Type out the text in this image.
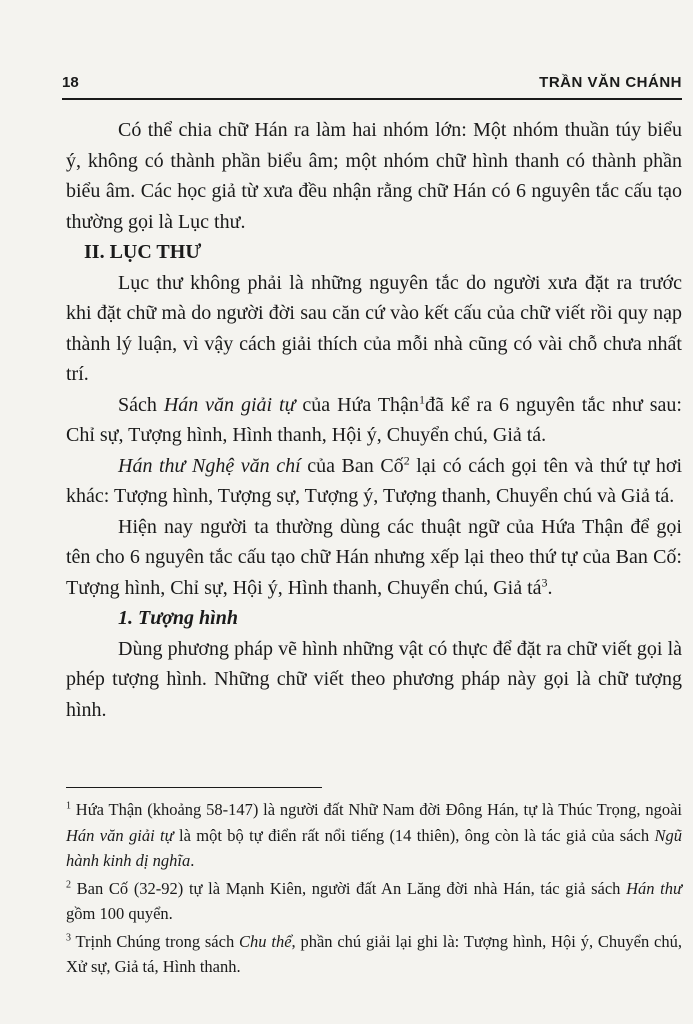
18	TRẦN VĂN CHÁNH

Có thể chia chữ Hán ra làm hai nhóm lớn: Một nhóm thuần túy biểu ý, không có thành phần biểu âm; một nhóm chữ hình thanh có thành phần biểu âm. Các học giả từ xưa đều nhận rằng chữ Hán có 6 nguyên tắc cấu tạo thường gọi là Lục thư.

II. LỤC THƯ

Lục thư không phải là những nguyên tắc do người xưa đặt ra trước khi đặt chữ mà do người đời sau căn cứ vào kết cấu của chữ viết rồi quy nạp thành lý luận, vì vậy cách giải thích của mỗi nhà cũng có vài chỗ chưa nhất trí.

Sách Hán văn giải tự của Hứa Thận$^1$đã kể ra 6 nguyên tắc như sau: Chỉ sự, Tượng hình, Hình thanh, Hội ý, Chuyển chú, Giả tá.

Hán thư Nghệ văn chí của Ban Cố$^2$ lại có cách gọi tên và thứ tự hơi khác: Tượng hình, Tượng sự, Tượng ý, Tượng thanh, Chuyển chú và Giả tá.

Hiện nay người ta thường dùng các thuật ngữ của Hứa Thận để gọi tên cho 6 nguyên tắc cấu tạo chữ Hán nhưng xếp lại theo thứ tự của Ban Cố: Tượng hình, Chỉ sự, Hội ý, Hình thanh, Chuyển chú, Giả $tá^3$.

1. Tượng hình

Dùng phương pháp vẽ hình những vật có thực để đặt ra chữ viết gọi là phép tượng hình. Những chữ viết theo phương pháp này gọi là chữ tượng hình.

$^1$ Hứa Thận (khoảng 58-147) là người đất Nhữ Nam đời Đông Hán, tự là Thúc Trọng, ngoài Hán văn giải tự là một bộ tự điển rất nổi tiếng (14 thiên), ông còn là tác giả của sách Ngũ hành kinh dị nghĩa.

$^2$ Ban Cố (32-92) tự là Mạnh Kiên, người đất An Lăng đời nhà Hán, tác giả sách Hán thư gồm 100 quyển.

$^3$ Trịnh Chúng trong sách Chu thể, phần chú giải lại ghi là: Tượng hình, Hội ý, Chuyển chú, Xử sự, Giả tá, Hình thanh.
